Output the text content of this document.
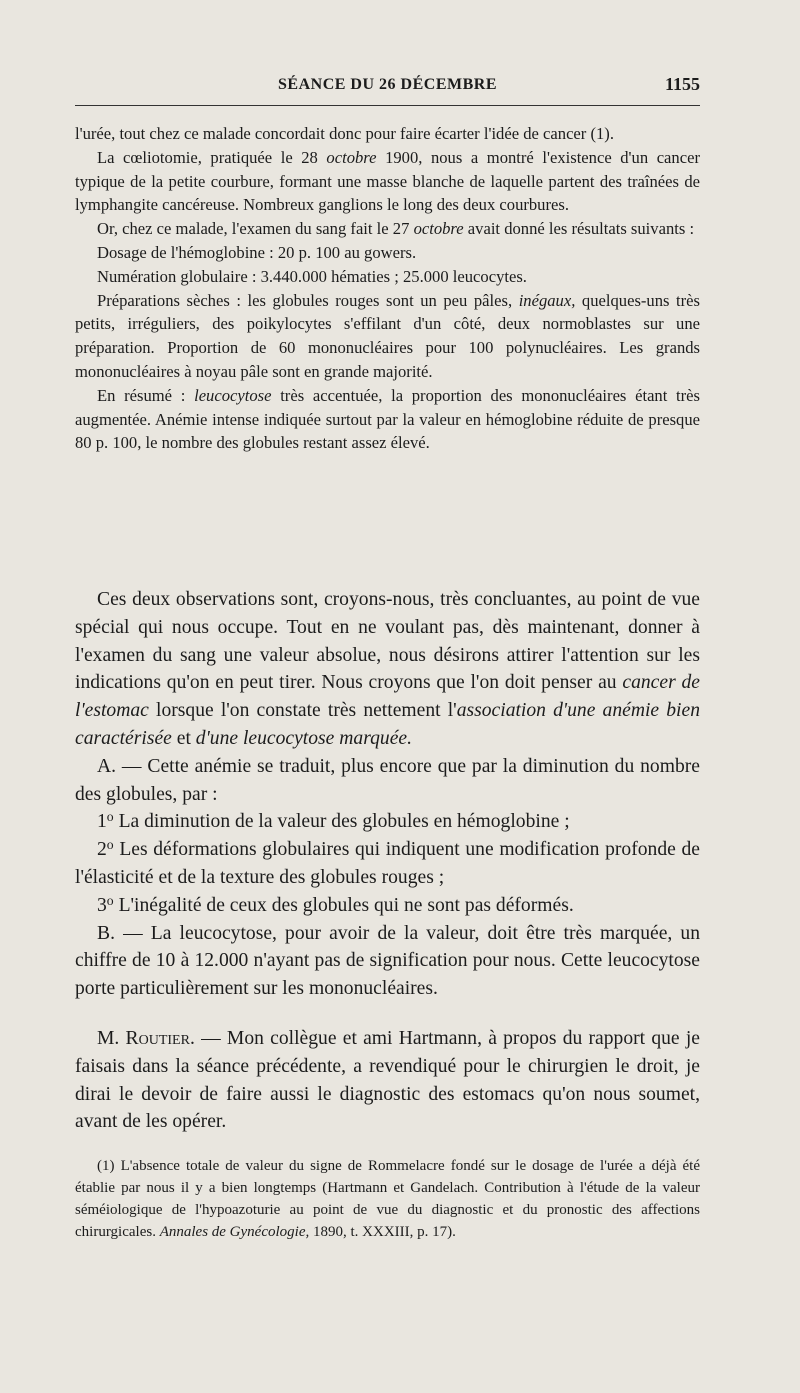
SÉANCE DU 26 DÉCEMBRE	1155

l'urée, tout chez ce malade concordait donc pour faire écarter l'idée de cancer (1).

La cœliotomie, pratiquée le 28 octobre 1900, nous a montré l'existence d'un cancer typique de la petite courbure, formant une masse blanche de laquelle partent des traînées de lymphangite cancéreuse. Nombreux ganglions le long des deux courbures.

Or, chez ce malade, l'examen du sang fait le 27 octobre avait donné les résultats suivants :

Dosage de l'hémoglobine : 20 p. 100 au gowers.

Numération globulaire : 3.440.000 hématies ; 25.000 leucocytes.

Préparations sèches : les globules rouges sont un peu pâles, inégaux, quelques-uns très petits, irréguliers, des poikylocytes s'effilant d'un côté, deux normoblastes sur une préparation. Proportion de 60 mononucléaires pour 100 polynucléaires. Les grands mononucléaires à noyau pâle sont en grande majorité.

En résumé : leucocytose très accentuée, la proportion des mononucléaires étant très augmentée. Anémie intense indiquée surtout par la valeur en hémoglobine réduite de presque 80 p. 100, le nombre des globules restant assez élevé.

Ces deux observations sont, croyons-nous, très concluantes, au point de vue spécial qui nous occupe. Tout en ne voulant pas, dès maintenant, donner à l'examen du sang une valeur absolue, nous désirons attirer l'attention sur les indications qu'on en peut tirer. Nous croyons que l'on doit penser au cancer de l'estomac lorsque l'on constate très nettement l'association d'une anémie bien caractérisée et d'une leucocytose marquée.

A. — Cette anémie se traduit, plus encore que par la diminution du nombre des globules, par :

1$^o$ La diminution de la valeur des globules en hémoglobine ;

2$^o$ Les déformations globulaires qui indiquent une modification profonde de l'élasticité et de la texture des globules rouges ;

3$^o$ L'inégalité de ceux des globules qui ne sont pas déformés.

B. — La leucocytose, pour avoir de la valeur, doit être très marquée, un chiffre de 10 à 12.000 n'ayant pas de signification pour nous. Cette leucocytose porte particulièrement sur les mononucléaires.

M. Routier. — Mon collègue et ami Hartmann, à propos du rapport que je faisais dans la séance précédente, a revendiqué pour le chirurgien le droit, je dirai le devoir de faire aussi le diagnostic des estomacs qu'on nous soumet, avant de les opérer.

(1) L'absence totale de valeur du signe de Rommelacre fondé sur le dosage de l'urée a déjà été établie par nous il y a bien longtemps (Hartmann et Gandelach. Contribution à l'étude de la valeur séméiologique de l'hypoazoturie au point de vue du diagnostic et du pronostic des affections chirurgicales. Annales de Gynécologie, 1890, t. XXXIII, p. 17).
